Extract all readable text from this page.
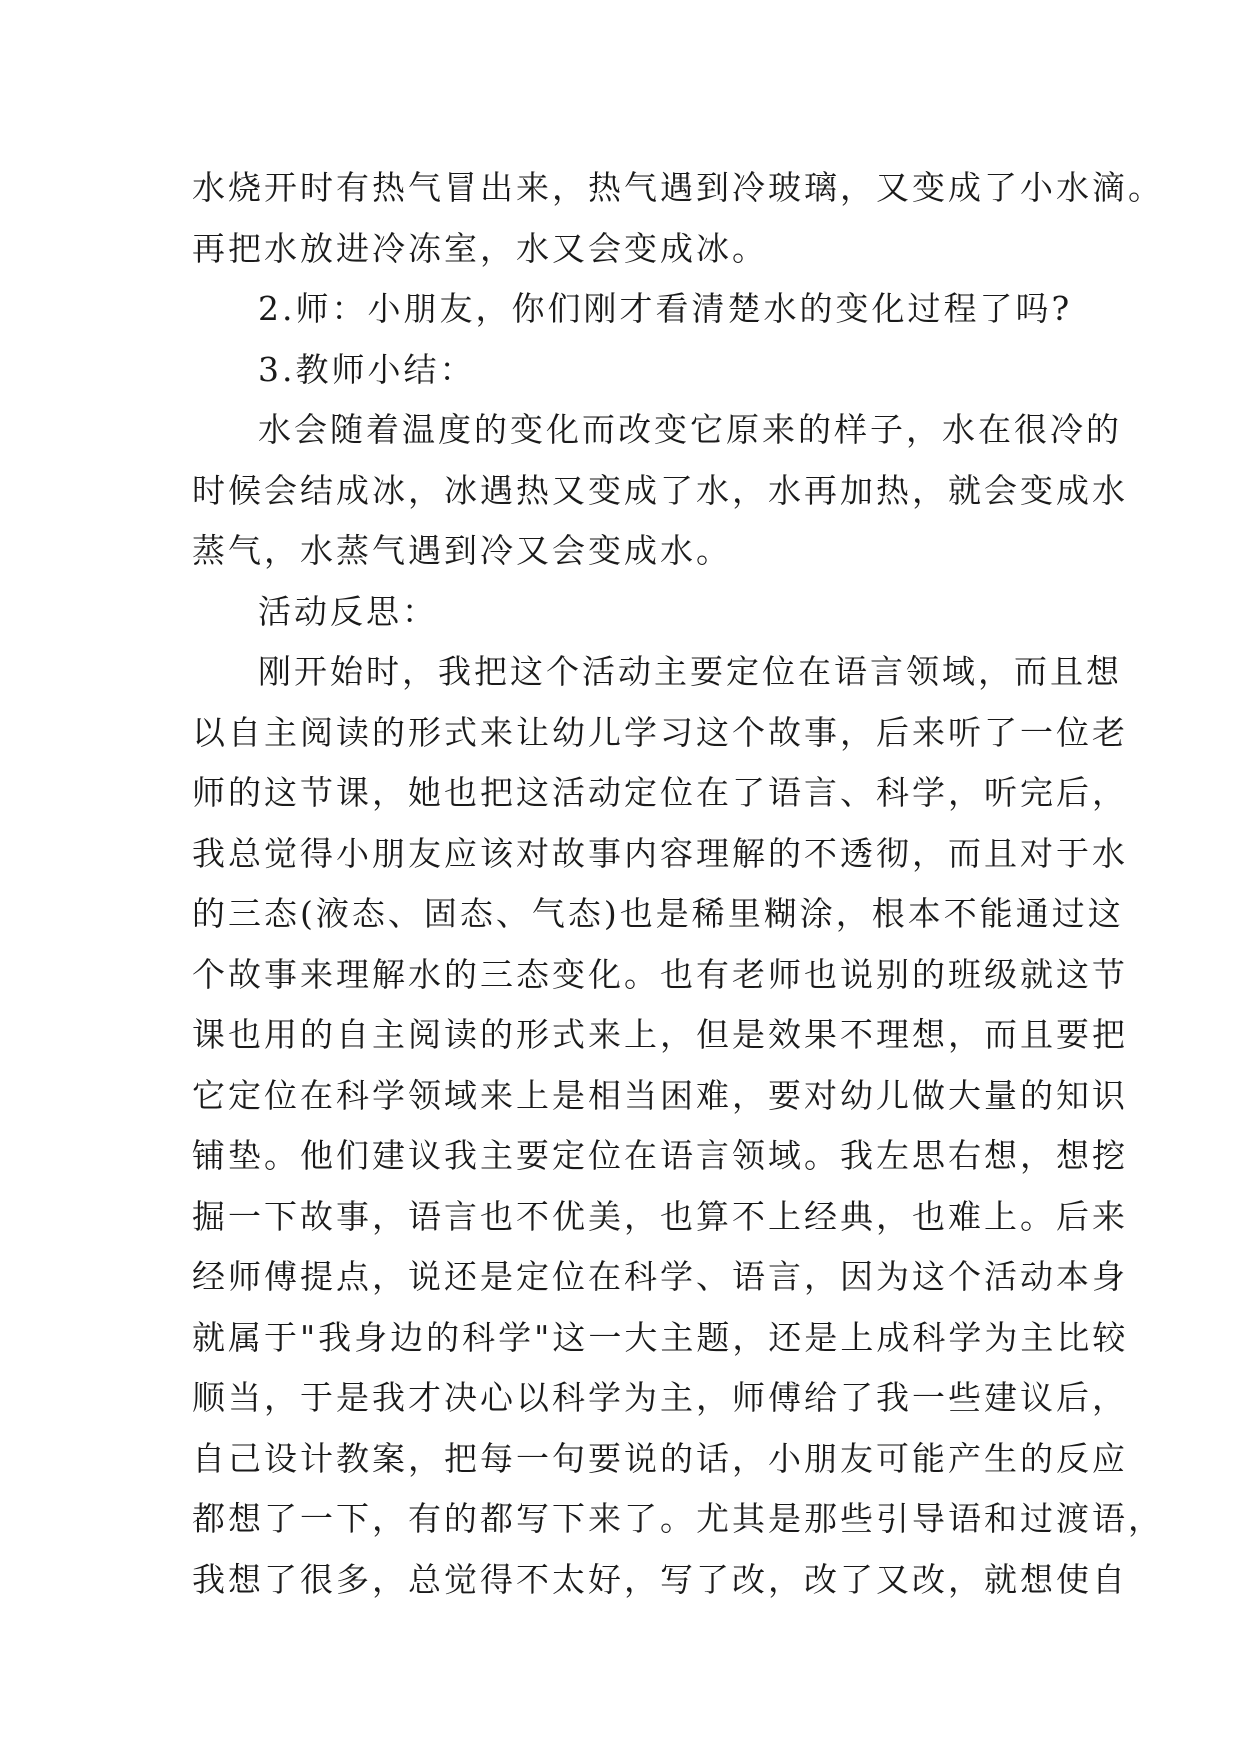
水烧开时有热气冒出来，热气遇到冷玻璃，又变成了小水滴。
再把水放进冷冻室，水又会变成冰。
2.师：小朋友，你们刚才看清楚水的变化过程了吗?
3.教师小结：
水会随着温度的变化而改变它原来的样子，水在很冷的
时候会结成冰，冰遇热又变成了水，水再加热，就会变成水
蒸气，水蒸气遇到冷又会变成水。
活动反思：
刚开始时，我把这个活动主要定位在语言领域，而且想
以自主阅读的形式来让幼儿学习这个故事，后来听了一位老
师的这节课，她也把这活动定位在了语言、科学，听完后，
我总觉得小朋友应该对故事内容理解的不透彻，而且对于水
的三态(液态、固态、气态)也是稀里糊涂，根本不能通过这
个故事来理解水的三态变化。也有老师也说别的班级就这节
课也用的自主阅读的形式来上，但是效果不理想，而且要把
它定位在科学领域来上是相当困难，要对幼儿做大量的知识
铺垫。他们建议我主要定位在语言领域。我左思右想，想挖
掘一下故事，语言也不优美，也算不上经典，也难上。后来
经师傅提点，说还是定位在科学、语言，因为这个活动本身
就属于"我身边的科学"这一大主题，还是上成科学为主比较
顺当，于是我才决心以科学为主，师傅给了我一些建议后，
自己设计教案，把每一句要说的话，小朋友可能产生的反应
都想了一下，有的都写下来了。尤其是那些引导语和过渡语，
我想了很多，总觉得不太好，写了改，改了又改，就想使自
